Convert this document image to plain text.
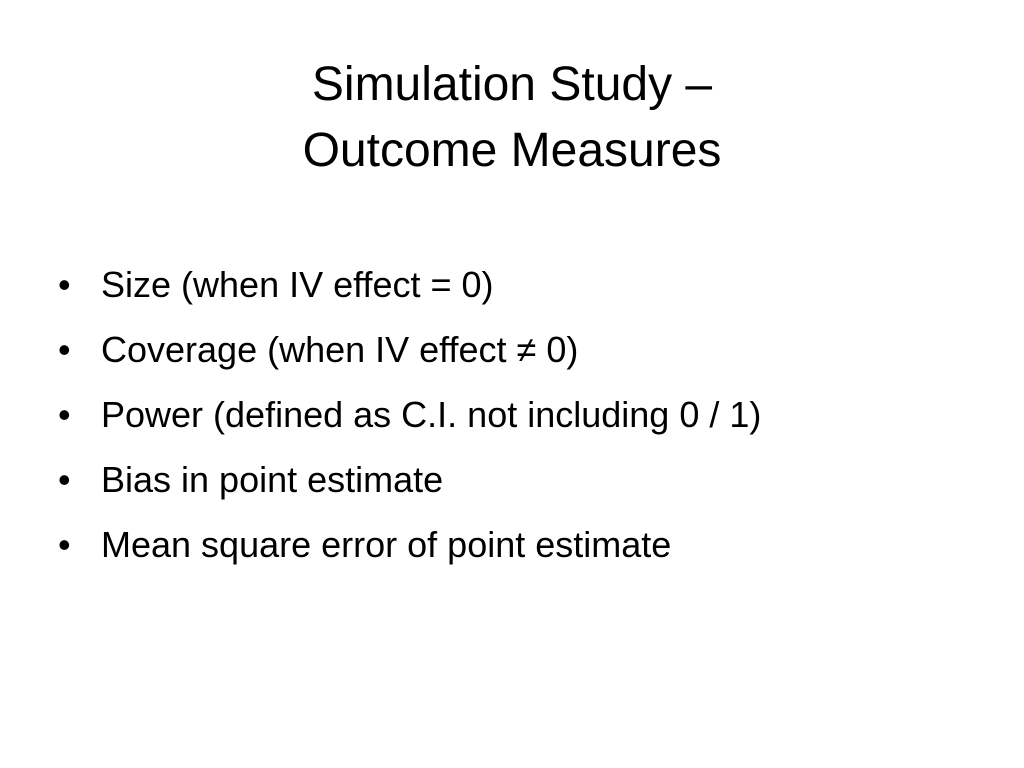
Simulation Study –
Outcome Measures
• Size (when IV effect = 0)
• Coverage (when IV effect ≠ 0)
• Power (defined as C.I. not including 0 / 1)
• Bias in point estimate
• Mean square error of point estimate
